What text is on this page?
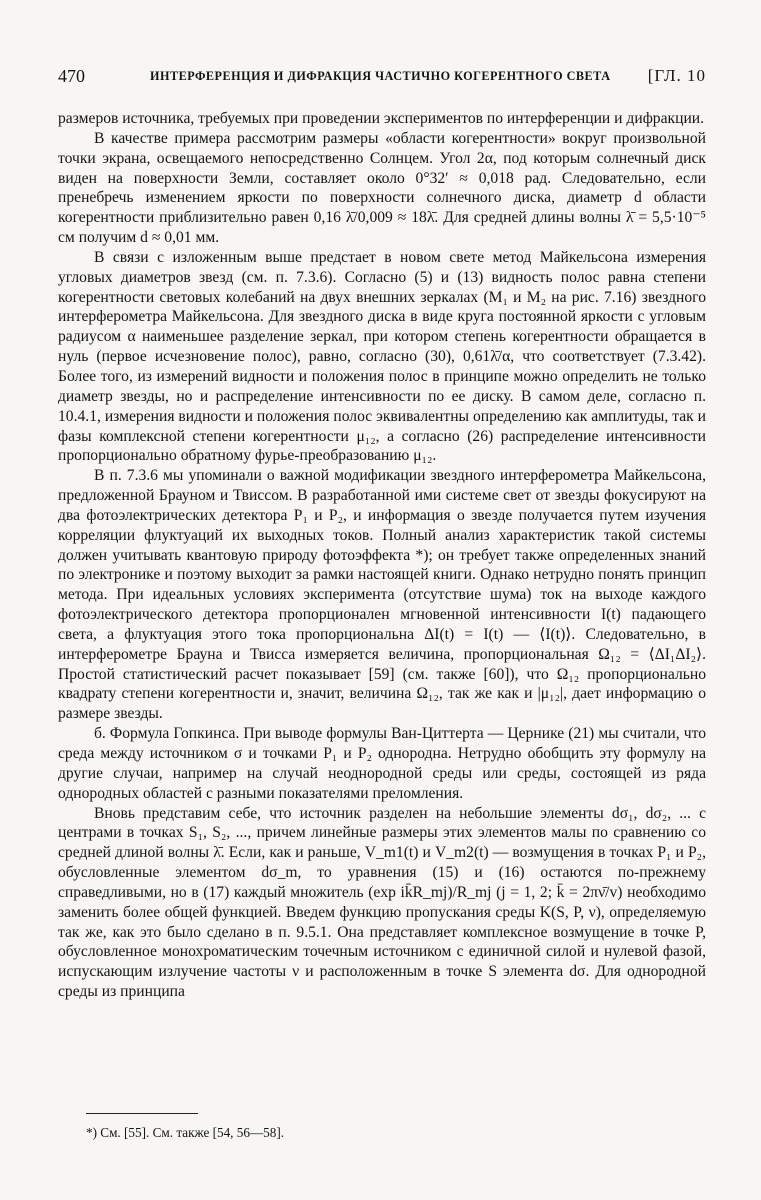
470	ИНТЕРФЕРЕНЦИЯ И ДИФРАКЦИЯ ЧАСТИЧНО КОГЕРЕНТНОГО СВЕТА [ГЛ. 10

размеров источника, требуемых при проведении экспериментов по интерференции и дифракции.

В качестве примера рассмотрим размеры «области когерентности» вокруг произвольной точки экрана, освещаемого непосредственно Солнцем. Угол 2α, под которым солнечный диск виден на поверхности Земли, составляет около 0°32′ ≈ 0,018 рад. Следовательно, если пренебречь изменением яркости по поверхности солнечного диска, диаметр d области когерентности приблизительно равен 0,16 λ̄/0,009 ≈ 18λ̄. Для средней длины волны λ̄ = 5,5·10⁻⁵ см получим d ≈ 0,01 мм.

В связи с изложенным выше предстает в новом свете метод Майкельсона измерения угловых диаметров звезд (см. п. 7.3.6). Согласно (5) и (13) видность полос равна степени когерентности световых колебаний на двух внешних зеркалах (M₁ и M₂ на рис. 7.16) звездного интерферометра Майкельсона. Для звездного диска в виде круга постоянной яркости с угловым радиусом α наименьшее разделение зеркал, при котором степень когерентности обращается в нуль (первое исчезновение полос), равно, согласно (30), 0,61λ̄/α, что соответствует (7.3.42). Более того, из измерений видности и положения полос в принципе можно определить не только диаметр звезды, но и распределение интенсивности по ее диску. В самом деле, согласно п. 10.4.1, измерения видности и положения полос эквивалентны определению как амплитуды, так и фазы комплексной степени когерентности μ₁₂, а согласно (26) распределение интенсивности пропорционально обратному фурье-преобразованию μ₁₂.

В п. 7.3.6 мы упоминали о важной модификации звездного интерферометра Майкельсона, предложенной Брауном и Твиссом. В разработанной ими системе свет от звезды фокусируют на два фотоэлектрических детектора P₁ и P₂, и информация о звезде получается путем изучения корреляции флуктуаций их выходных токов. Полный анализ характеристик такой системы должен учитывать квантовую природу фотоэффекта *); он требует также определенных знаний по электронике и поэтому выходит за рамки настоящей книги. Однако нетрудно понять принцип метода. При идеальных условиях эксперимента (отсутствие шума) ток на выходе каждого фотоэлектрического детектора пропорционален мгновенной интенсивности I(t) падающего света, а флуктуация этого тока пропорциональна ΔI(t) = I(t) — ⟨I(t)⟩. Следовательно, в интерферометре Брауна и Твисса измеряется величина, пропорциональная Ω₁₂ = ⟨ΔI₁ΔI₂⟩. Простой статистический расчет показывает [59] (см. также [60]), что Ω₁₂ пропорционально квадрату степени когерентности и, значит, величина Ω₁₂, так же как и |μ₁₂|, дает информацию о размере звезды.

б. Формула Гопкинса. При выводе формулы Ван-Циттерта — Цернике (21) мы считали, что среда между источником σ и точками P₁ и P₂ однородна. Нетрудно обобщить эту формулу на другие случаи, например на случай неоднородной среды или среды, состоящей из ряда однородных областей с разными показателями преломления.

Вновь представим себе, что источник разделен на небольшие элементы dσ₁, dσ₂, ... с центрами в точках S₁, S₂, ..., причем линейные размеры этих элементов малы по сравнению со средней длиной волны λ̄. Если, как и раньше, V_m1(t) и V_m2(t) — возмущения в точках P₁ и P₂, обусловленные элементом dσ_m, то уравнения (15) и (16) остаются по-прежнему справедливыми, но в (17) каждый множитель (exp ik̄R_mj)/R_mj (j = 1, 2; k̄ = 2πν̄/v) необходимо заменить более общей функцией. Введем функцию пропускания среды K(S, P, ν), определяемую так же, как это было сделано в п. 9.5.1. Она представляет комплексное возмущение в точке P, обусловленное монохроматическим точечным источником с единичной силой и нулевой фазой, испускающим излучение частоты ν и расположенным в точке S элемента dσ. Для однородной среды из принципа

*) См. [55]. См. также [54, 56—58].
